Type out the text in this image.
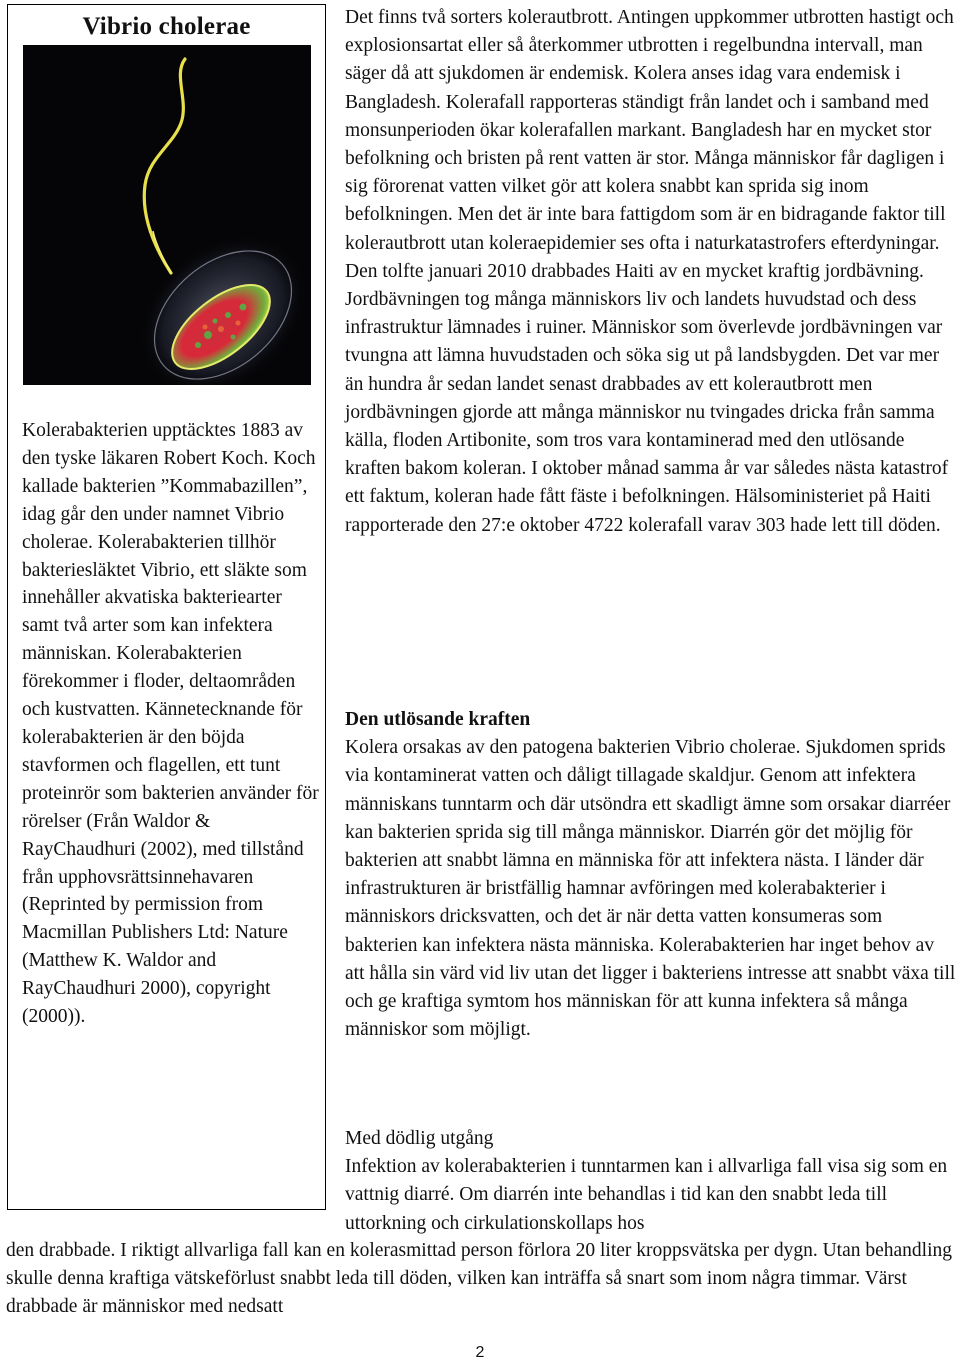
Vibrio cholerae
Kolerabakterien upptäcktes 1883 av den tyske läkaren Robert Koch. Koch kallade bakterien ”Kommabazillen”, idag går den under namnet Vibrio cholerae. Kolerabakterien tillhör bakteriesläktet Vibrio, ett släkte som innehåller akvatiska bakteriearter samt två arter som kan infektera människan. Kolerabakterien förekommer i floder, deltaområden och kustvatten. Kännetecknande för kolerabakterien är den böjda stavformen och flagellen, ett tunt proteinrör som bakterien använder för rörelser (Från Waldor & RayChaudhuri (2002), med tillstånd från upphovsrättsinnehavaren (Reprinted by permission from Macmillan Publishers Ltd: Nature (Matthew K. Waldor and RayChaudhuri 2000), copyright (2000)).

Det finns två sorters kolerautbrott. Antingen uppkommer utbrotten hastigt och explosionsartat eller så återkommer utbrotten i regelbundna intervall, man säger då att sjukdomen är endemisk. Kolera anses idag vara endemisk i Bangladesh. Kolerafall rapporteras ständigt från landet och i samband med monsunperioden ökar kolerafallen markant. Bangladesh har en mycket stor befolkning och bristen på rent vatten är stor. Många människor får dagligen i sig förorenat vatten vilket gör att kolera snabbt kan sprida sig inom befolkningen. Men det är inte bara fattigdom som är en bidragande faktor till kolerautbrott utan koleraepidemier ses ofta i naturkatastrofers efterdyningar. Den tolfte januari 2010 drabbades Haiti av en mycket kraftig jordbävning. Jordbävningen tog många människors liv och landets huvudstad och dess infrastruktur lämnades i ruiner. Människor som överlevde jordbävningen var tvungna att lämna huvudstaden och söka sig ut på landsbygden. Det var mer än hundra år sedan landet senast drabbades av ett kolerautbrott men jordbävningen gjorde att många människor nu tvingades dricka från samma källa, floden Artibonite, som tros vara kontaminerad med den utlösande kraften bakom koleran. I oktober månad samma år var således nästa katastrof ett faktum, koleran hade fått fäste i befolkningen. Hälsoministeriet på Haiti rapporterade den 27:e oktober 4722 kolerafall varav 303 hade lett till döden.

Den utlösande kraften

Kolera orsakas av den patogena bakterien Vibrio cholerae. Sjukdomen sprids via kontaminerat vatten och dåligt tillagade skaldjur. Genom att infektera människans tunntarm och där utsöndra ett skadligt ämne som orsakar diarréer kan bakterien sprida sig till många människor. Diarrén gör det möjlig för bakterien att snabbt lämna en människa för att infektera nästa. I länder där infrastrukturen är bristfällig hamnar avföringen med kolerabakterier i människors dricksvatten, och det är när detta vatten konsumeras som bakterien kan infektera nästa människa. Kolerabakterien har inget behov av att hålla sin värd vid liv utan det ligger i bakteriens intresse att snabbt växa till och ge kraftiga symtom hos människan för att kunna infektera så många människor som möjligt.

Med dödlig utgång

Infektion av kolerabakterien i tunntarmen kan i allvarliga fall visa sig som en vattnig diarré. Om diarrén inte behandlas i tid kan den snabbt leda till uttorkning och cirkulationskollaps hos

den drabbade. I riktigt allvarliga fall kan en kolerasmittad person förlora 20 liter kroppsvätska per dygn. Utan behandling skulle denna kraftiga vätskeförlust snabbt leda till döden, vilken kan inträffa så snart som inom några timmar. Värst drabbade är människor med nedsatt

2
